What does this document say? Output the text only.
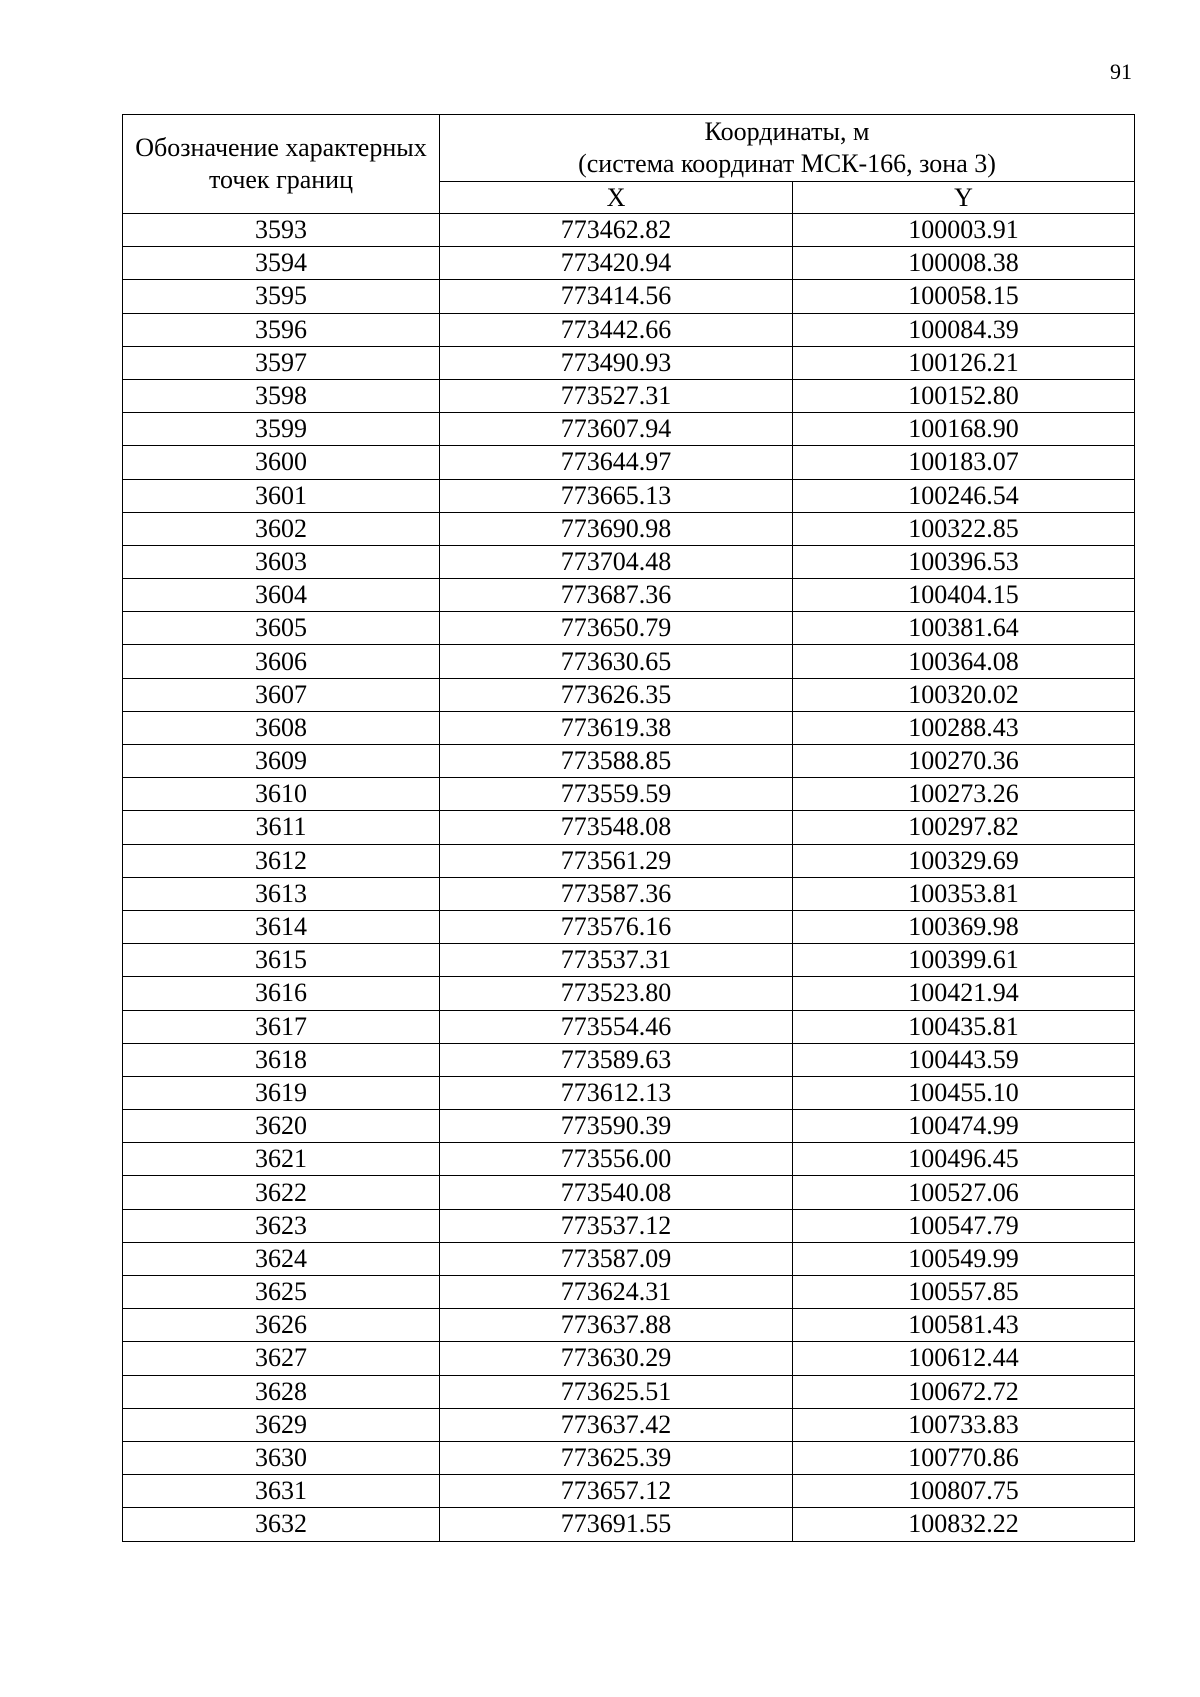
91
Обозначение характерных точек границ	Координаты, м
(система координат МСК-166, зона 3)	
	X	Y
3593	773462.82	100003.91
3594	773420.94	100008.38
3595	773414.56	100058.15
3596	773442.66	100084.39
3597	773490.93	100126.21
3598	773527.31	100152.80
3599	773607.94	100168.90
3600	773644.97	100183.07
3601	773665.13	100246.54
3602	773690.98	100322.85
3603	773704.48	100396.53
3604	773687.36	100404.15
3605	773650.79	100381.64
3606	773630.65	100364.08
3607	773626.35	100320.02
3608	773619.38	100288.43
3609	773588.85	100270.36
3610	773559.59	100273.26
3611	773548.08	100297.82
3612	773561.29	100329.69
3613	773587.36	100353.81
3614	773576.16	100369.98
3615	773537.31	100399.61
3616	773523.80	100421.94
3617	773554.46	100435.81
3618	773589.63	100443.59
3619	773612.13	100455.10
3620	773590.39	100474.99
3621	773556.00	100496.45
3622	773540.08	100527.06
3623	773537.12	100547.79
3624	773587.09	100549.99
3625	773624.31	100557.85
3626	773637.88	100581.43
3627	773630.29	100612.44
3628	773625.51	100672.72
3629	773637.42	100733.83
3630	773625.39	100770.86
3631	773657.12	100807.75
3632	773691.55	100832.22
